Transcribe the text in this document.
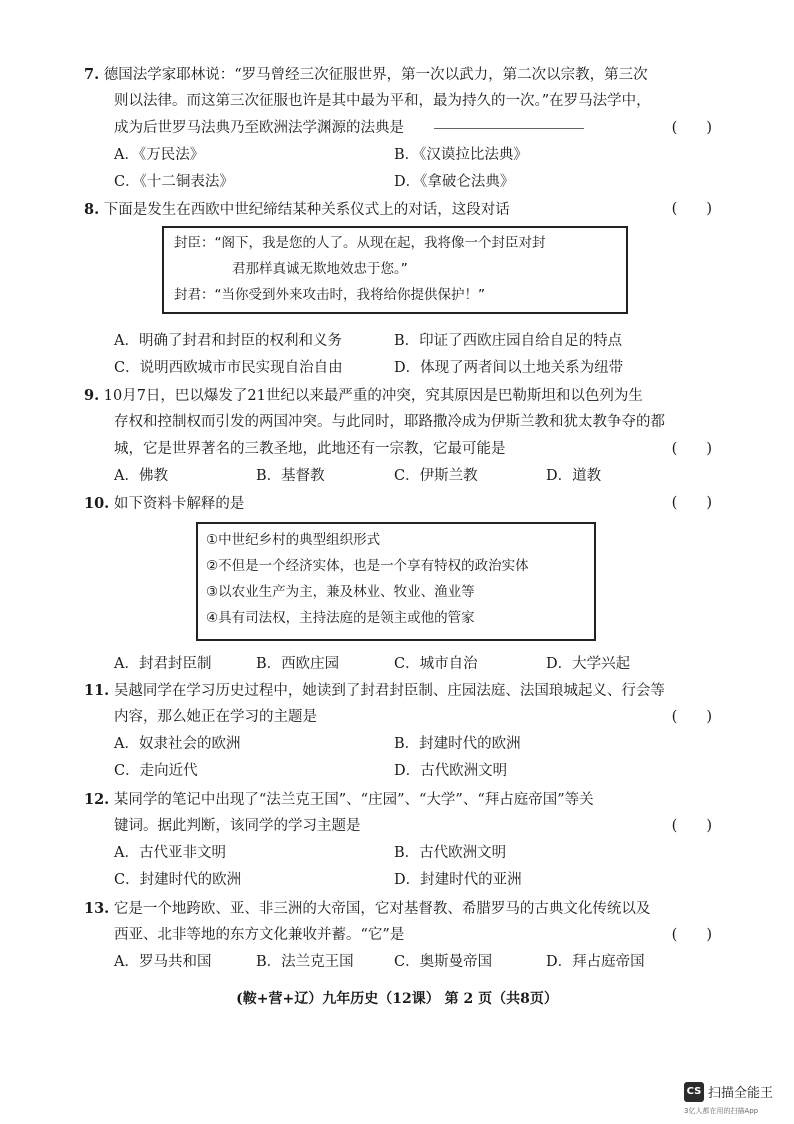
7. 德国法学家耶林说：“罗马曾经三次征服世界，第一次以武力，第二次以宗教，第三次
则以法律。而这第三次征服也许是其中最为平和，最为持久的一次。”在罗马法学中，
成为后世罗马法典乃至欧洲法学渊源的法典是	(　　)
A．《万民法》	B．《汉谟拉比法典》
C．《十二铜表法》	D．《拿破仑法典》
8. 下面是发生在西欧中世纪缔结某种关系仪式上的对话，这段对话	(　　)
封臣：“阁下，我是您的人了。从现在起，我将像一个封臣对封
君那样真诚无欺地效忠于您。”
封君：“当你受到外来攻击时，我将给你提供保护！”
A．明确了封君和封臣的权利和义务	B．印证了西欧庄园自给自足的特点
C．说明西欧城市市民实现自治自由	D．体现了两者间以土地关系为纽带
9. 10月7日，巴以爆发了21世纪以来最严重的冲突，究其原因是巴勒斯坦和以色列为生
存权和控制权而引发的两国冲突。与此同时，耶路撒冷成为伊斯兰教和犹太教争夺的都
城，它是世界著名的三教圣地，此地还有一宗教，它最可能是	(　　)
A．佛教	B．基督教	C．伊斯兰教	D．道教
10. 如下资料卡解释的是	(　　)
①中世纪乡村的典型组织形式
②不但是一个经济实体，也是一个享有特权的政治实体
③以农业生产为主，兼及林业、牧业、渔业等
④具有司法权，主持法庭的是领主或他的管家
A．封君封臣制	B．西欧庄园	C．城市自治	D．大学兴起
11. 吴越同学在学习历史过程中，她读到了封君封臣制、庄园法庭、法国琅城起义、行会等
内容，那么她正在学习的主题是	(　　)
A．奴隶社会的欧洲	B．封建时代的欧洲
C．走向近代	D．古代欧洲文明
12. 某同学的笔记中出现了“法兰克王国”、“庄园”、“大学”、“拜占庭帝国”等关
键词。据此判断，该同学的学习主题是	(　　)
A．古代亚非文明	B．古代欧洲文明
C．封建时代的欧洲	D．封建时代的亚洲
13. 它是一个地跨欧、亚、非三洲的大帝国，它对基督教、希腊罗马的古典文化传统以及
西亚、北非等地的东方文化兼收并蓄。“它”是	(　　)
A．罗马共和国	B．法兰克王国	C．奥斯曼帝国	D．拜占庭帝国
(鞍+营+辽）九年历史（12课） 第 2 页（共8页）
CS 扫描全能王
3亿人都在用的扫描App
